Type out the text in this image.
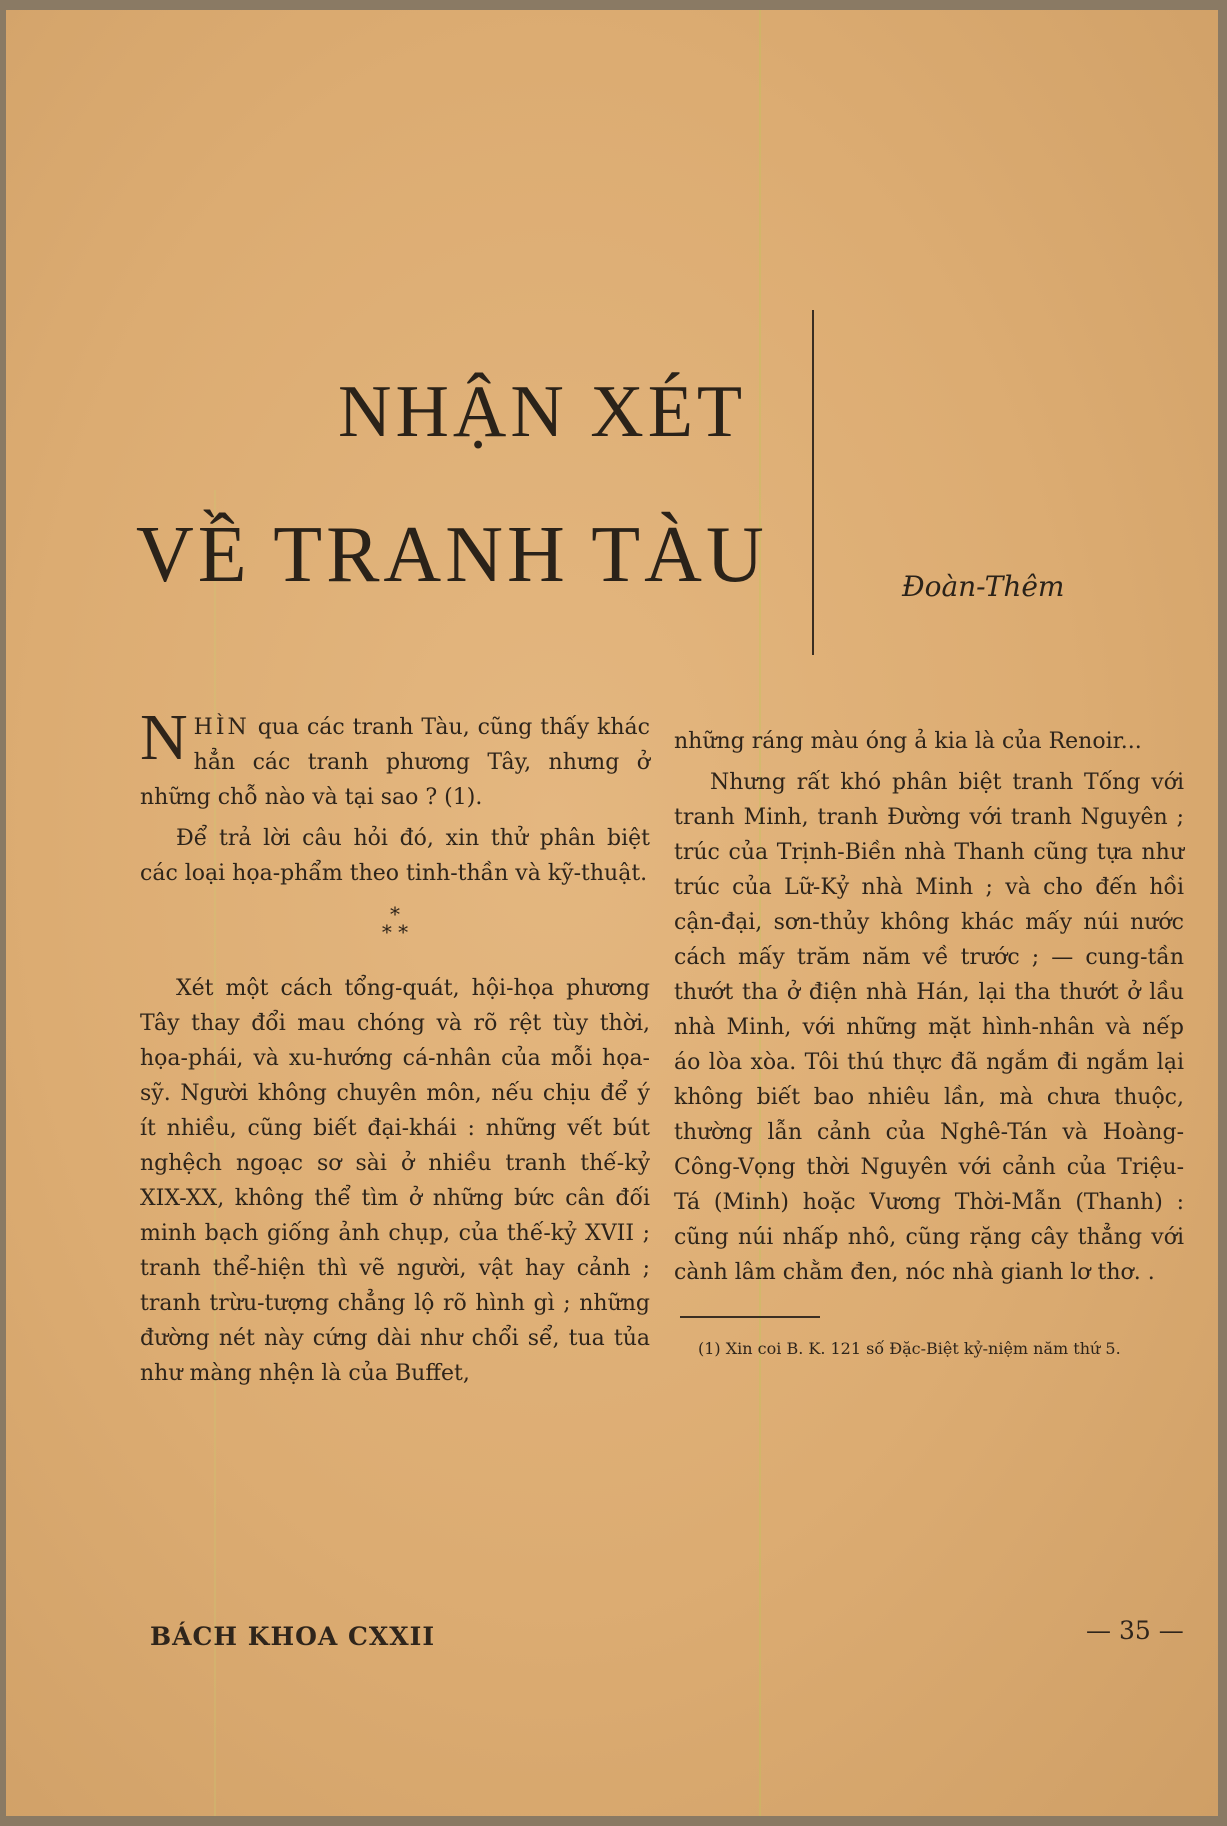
NHẬN XÉT
VỀ TRANH TÀU	Đoàn-Thêm

NHÌN qua các tranh Tàu, cũng thấy khác hẳn các tranh phương Tây, nhưng ở những chỗ nào và tại sao ? (1).

Để trả lời câu hỏi đó, xin thử phân biệt các loại họa-phẩm theo tinh-thần và kỹ-thuật.

*
* *

Xét một cách tổng-quát, hội-họa phương Tây thay đổi mau chóng và rõ rệt tùy thời, họa-phái, và xu-hướng cá-nhân của mỗi họa-sỹ. Người không chuyên môn, nếu chịu để ý ít nhiều, cũng biết đại-khái : những vết bút nghệch ngoạc sơ sài ở nhiều tranh thế-kỷ XIX-XX, không thể tìm ở những bức cân đối minh bạch giống ảnh chụp, của thế-kỷ XVII ; tranh thể-hiện thì vẽ người, vật hay cảnh ; tranh trừu-tượng chẳng lộ rõ hình gì ; những đường nét này cứng dài như chổi sể, tua tủa như màng nhện là của Buffet,

những ráng màu óng ả kia là của Renoir...

Nhưng rất khó phân biệt tranh Tống với tranh Minh, tranh Đường với tranh Nguyên ; trúc của Trịnh-Biền nhà Thanh cũng tựa như trúc của Lữ-Kỷ nhà Minh ; và cho đến hồi cận-đại, sơn-thủy không khác mấy núi nước cách mấy trăm năm về trước ; — cung-tần thướt tha ở điện nhà Hán, lại tha thướt ở lầu nhà Minh, với những mặt hình-nhân và nếp áo lòa xòa. Tôi thú thực đã ngắm đi ngắm lại không biết bao nhiêu lần, mà chưa thuộc, thường lẫn cảnh của Nghê-Tán và Hoàng-Công-Vọng thời Nguyên với cảnh của Triệu-Tá (Minh) hoặc Vương Thời-Mẫn (Thanh) : cũng núi nhấp nhô, cũng rặng cây thẳng với cành lâm chằm đen, nóc nhà gianh lơ thơ. .

(1) Xin coi B. K. 121 số Đặc-Biệt kỷ-niệm năm thứ 5.

BÁCH KHOA CXXII	— 35 —
